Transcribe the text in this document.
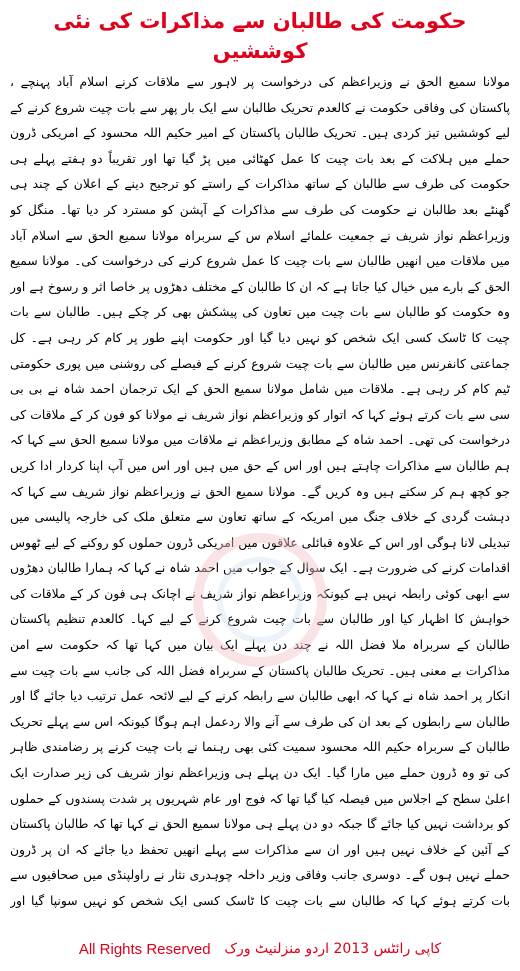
حکومت کی طالبان سے مذاکرات کی نئی کوششیں

مولانا سمیع الحق نے وزیراعظم کی درخواست پر لاہور سے ملاقات کرنے اسلام آباد پہنچے ، پاکستان کی وفاقی حکومت نے کالعدم تحریک طالبان سے ایک بار پھر سے بات چیت شروع کرنے کے لیے کوششیں تیز کردی ہیں۔ تحریک طالبان پاکستان کے امیر حکیم اللہ محسود کے امریکی ڈرون حملے میں ہلاکت کے بعد بات چیت کا عمل کھٹائی میں پڑ گیا تھا اور تقریباً دو ہفتے پہلے ہی حکومت کی طرف سے طالبان کے ساتھ مذاکرات کے راستے کو ترجیح دینے کے اعلان کے چند ہی گھنٹے بعد طالبان نے حکومت کی طرف سے مذاکرات کے آپشن کو مسترد کر دیا تھا۔ منگل کو وزیراعظم نواز شریف نے جمعیت علمائے اسلام س کے سربراہ مولانا سمیع الحق سے اسلام آباد میں ملاقات میں انھیں طالبان سے بات چیت کا عمل شروع کرنے کی درخواست کی۔ مولانا سمیع الحق کے بارے میں خیال کیا جاتا ہے کہ ان کا طالبان کے مختلف دھڑوں پر خاصا اثر و رسوخ ہے اور وہ حکومت کو طالبان سے بات چیت میں تعاون کی پیشکش بھی کر چکے ہیں۔ طالبان سے بات چیت کا ٹاسک کسی ایک شخص کو نہیں دیا گیا اور حکومت اپنے طور پر کام کر رہی ہے۔ کل جماعتی کانفرنس میں طالبان سے بات چیت شروع کرنے کے فیصلے کی روشنی میں پوری حکومتی ٹیم کام کر رہی ہے۔ ملاقات میں شامل مولانا سمیع الحق کے ایک ترجمان احمد شاہ نے بی بی سی سے بات کرتے ہوئے کہا کہ اتوار کو وزیراعظم نواز شریف نے مولانا کو فون کر کے ملاقات کی درخواست کی تھی۔ احمد شاہ کے مطابق وزیراعظم نے ملاقات میں مولانا سمیع الحق سے کہا کہ ہم طالبان سے مذاکرات چاہتے ہیں اور اس کے حق میں ہیں اور اس میں آپ اپنا کردار ادا کریں جو کچھ ہم کر سکتے ہیں وہ کریں گے۔ مولانا سمیع الحق نے وزیراعظم نواز شریف سے کہا کہ دہشت گردی کے خلاف جنگ میں امریکہ کے ساتھ تعاون سے متعلق ملک کی خارجہ پالیسی میں تبدیلی لانا ہوگی اور اس کے علاوہ قبائلی علاقوں میں امریکی ڈرون حملوں کو روکنے کے لیے ٹھوس اقدامات کرنے کی ضرورت ہے۔ ایک سوال کے جواب میں احمد شاہ نے کہا کہ ہمارا طالبان دھڑوں سے ابھی کوئی رابطہ نہیں ہے کیونکہ وزیراعظم نواز شریف نے اچانک ہی فون کر کے ملاقات کی خواہش کا اظہار کیا اور طالبان سے بات چیت شروع کرنے کے لیے کہا۔ کالعدم تنظیم پاکستان طالبان کے سربراہ ملا فضل اللہ نے چند دن پہلے ایک بیان میں کہا تھا کہ حکومت سے امن مذاکرات بے معنی ہیں۔ تحریک طالبان پاکستان کے سربراہ فضل اللہ کی جانب سے بات چیت سے انکار پر احمد شاہ نے کہا کہ ابھی طالبان سے رابطہ کرنے کے لیے لائحہ عمل ترتیب دیا جائے گا اور طالبان سے رابطوں کے بعد ان کی طرف سے آنے والا ردعمل اہم ہوگا کیونکہ اس سے پہلے تحریک طالبان کے سربراہ حکیم اللہ محسود سمیت کئی بھی رہنما نے بات چیت کرنے پر رضامندی ظاہر کی تو وہ ڈرون حملے میں مارا گیا۔ ایک دن پہلے ہی وزیراعظم نواز شریف کی زیر صدارت ایک اعلیٰ سطح کے اجلاس میں فیصلہ کیا گیا تھا کہ فوج اور عام شہریوں پر شدت پسندوں کے حملوں کو برداشت نہیں کیا جائے گا جبکہ دو دن پہلے ہی مولانا سمیع الحق نے کہا تھا کہ طالبان پاکستان کے آئین کے خلاف نہیں ہیں اور ان سے مذاکرات سے پہلے انھیں تحفظ دیا جائے کہ ان پر ڈرون حملے نہیں ہوں گے۔ دوسری جانب وفاقی وزیر داخلہ چوہدری نثار نے راولپنڈی میں صحافیوں سے بات کرتے ہوئے کہا کہ طالبان سے بات چیت کا ٹاسک کسی ایک شخص کو نہیں سونپا گیا اور

All Rights Reserved کاپی رائٹس 2013 اردو منزلنیٹ ورک
